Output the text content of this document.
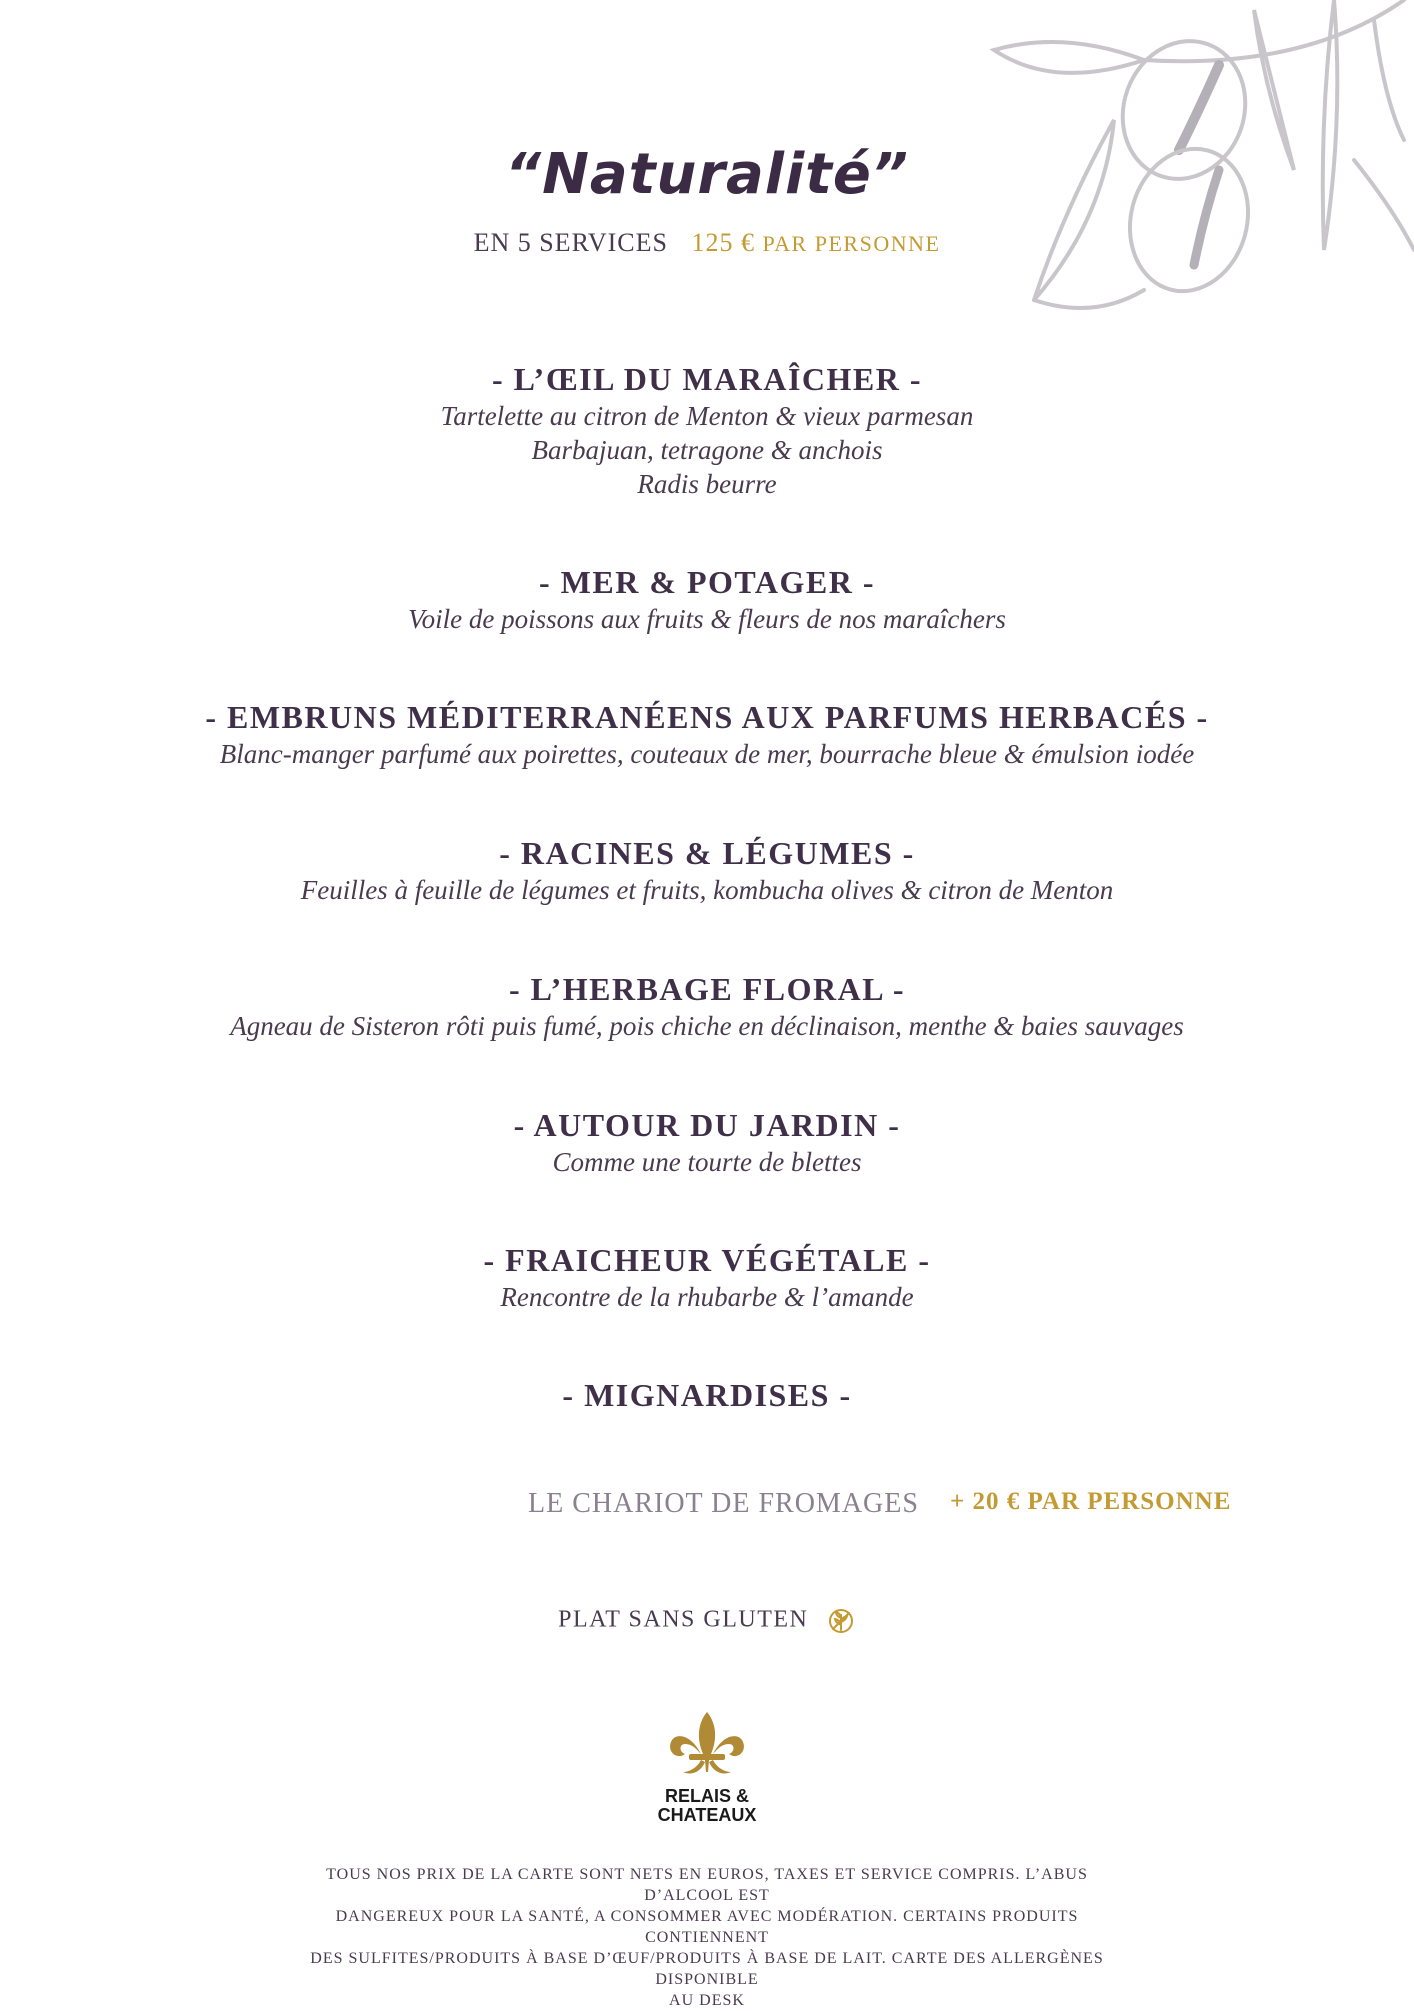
“Naturalité”
EN 5 SERVICES 125 € PAR PERSONNE
- L’ŒIL DU MARAÎCHER -
Tartelette au citron de Menton & vieux parmesan
Barbajuan, tetragone & anchois
Radis beurre
- MER & POTAGER -
Voile de poissons aux fruits & fleurs de nos maraîchers
- EMBRUNS MÉDITERRANÉENS AUX PARFUMS HERBACÉS -
Blanc-manger parfumé aux poirettes, couteaux de mer, bourrache bleue & émulsion iodée
- RACINES & LÉGUMES -
Feuilles à feuille de légumes et fruits, kombucha olives & citron de Menton
- L’HERBAGE FLORAL -
Agneau de Sisteron rôti puis fumé, pois chiche en déclinaison, menthe & baies sauvages
- AUTOUR DU JARDIN -
Comme une tourte de blettes
- FRAICHEUR VÉGÉTALE -
Rencontre de la rhubarbe & l’amande
- MIGNARDISES -
LE CHARIOT DE FROMAGES + 20 € PAR PERSONNE
PLAT SANS GLUTEN
RELAIS &
CHATEAUX
TOUS NOS PRIX DE LA CARTE SONT NETS EN EUROS, TAXES ET SERVICE COMPRIS. L’ABUS D’ALCOOL EST
DANGEREUX POUR LA SANTÉ, A CONSOMMER AVEC MODÉRATION. CERTAINS PRODUITS CONTIENNENT
DES SULFITES/PRODUITS À BASE D’ŒUF/PRODUITS À BASE DE LAIT. CARTE DES ALLERGÈNES DISPONIBLE
AU DESK
